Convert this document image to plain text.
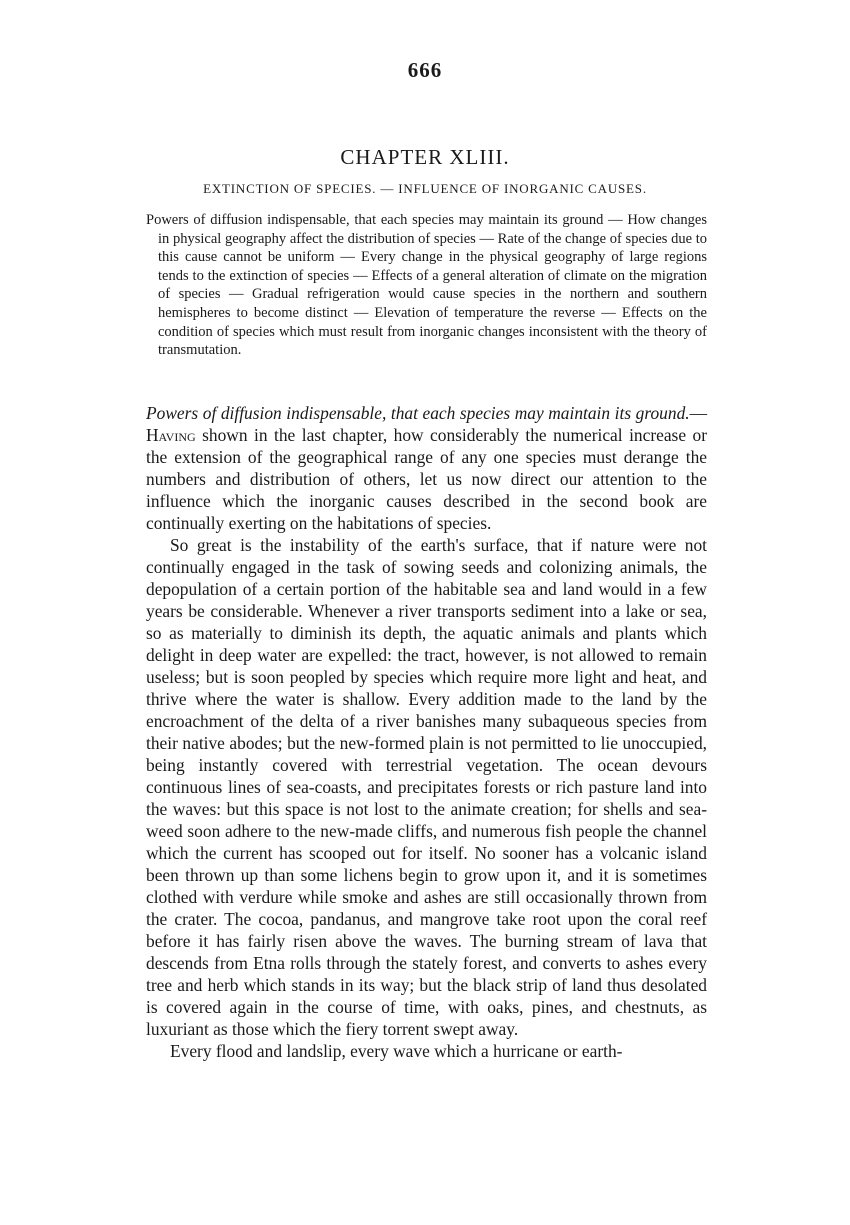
666
CHAPTER XLIII.
EXTINCTION OF SPECIES. — INFLUENCE OF INORGANIC CAUSES.
Powers of diffusion indispensable, that each species may maintain its ground — How changes in physical geography affect the distribution of species — Rate of the change of species due to this cause cannot be uniform — Every change in the physical geography of large regions tends to the extinction of species — Effects of a general alteration of climate on the migration of species — Gradual refrigeration would cause species in the northern and southern hemispheres to become distinct — Elevation of temperature the reverse — Effects on the condition of species which must result from inorganic changes inconsistent with the theory of transmutation.

Powers of diffusion indispensable, that each species may maintain its ground.—Having shown in the last chapter, how considerably the numerical increase or the extension of the geographical range of any one species must derange the numbers and distribution of others, let us now direct our attention to the influence which the inorganic causes described in the second book are continually exerting on the habitations of species.

So great is the instability of the earth's surface, that if nature were not continually engaged in the task of sowing seeds and colonizing animals, the depopulation of a certain portion of the habitable sea and land would in a few years be considerable. Whenever a river transports sediment into a lake or sea, so as materially to diminish its depth, the aquatic animals and plants which delight in deep water are expelled: the tract, however, is not allowed to remain useless; but is soon peopled by species which require more light and heat, and thrive where the water is shallow. Every addition made to the land by the encroachment of the delta of a river banishes many subaqueous species from their native abodes; but the new-formed plain is not permitted to lie unoccupied, being instantly covered with terrestrial vegetation. The ocean devours continuous lines of sea-coasts, and precipitates forests or rich pasture land into the waves: but this space is not lost to the animate creation; for shells and sea-weed soon adhere to the new-made cliffs, and numerous fish people the channel which the current has scooped out for itself. No sooner has a volcanic island been thrown up than some lichens begin to grow upon it, and it is sometimes clothed with verdure while smoke and ashes are still occasionally thrown from the crater. The cocoa, pandanus, and mangrove take root upon the coral reef before it has fairly risen above the waves. The burning stream of lava that descends from Etna rolls through the stately forest, and converts to ashes every tree and herb which stands in its way; but the black strip of land thus desolated is covered again in the course of time, with oaks, pines, and chestnuts, as luxuriant as those which the fiery torrent swept away.

Every flood and landslip, every wave which a hurricane or earth-
